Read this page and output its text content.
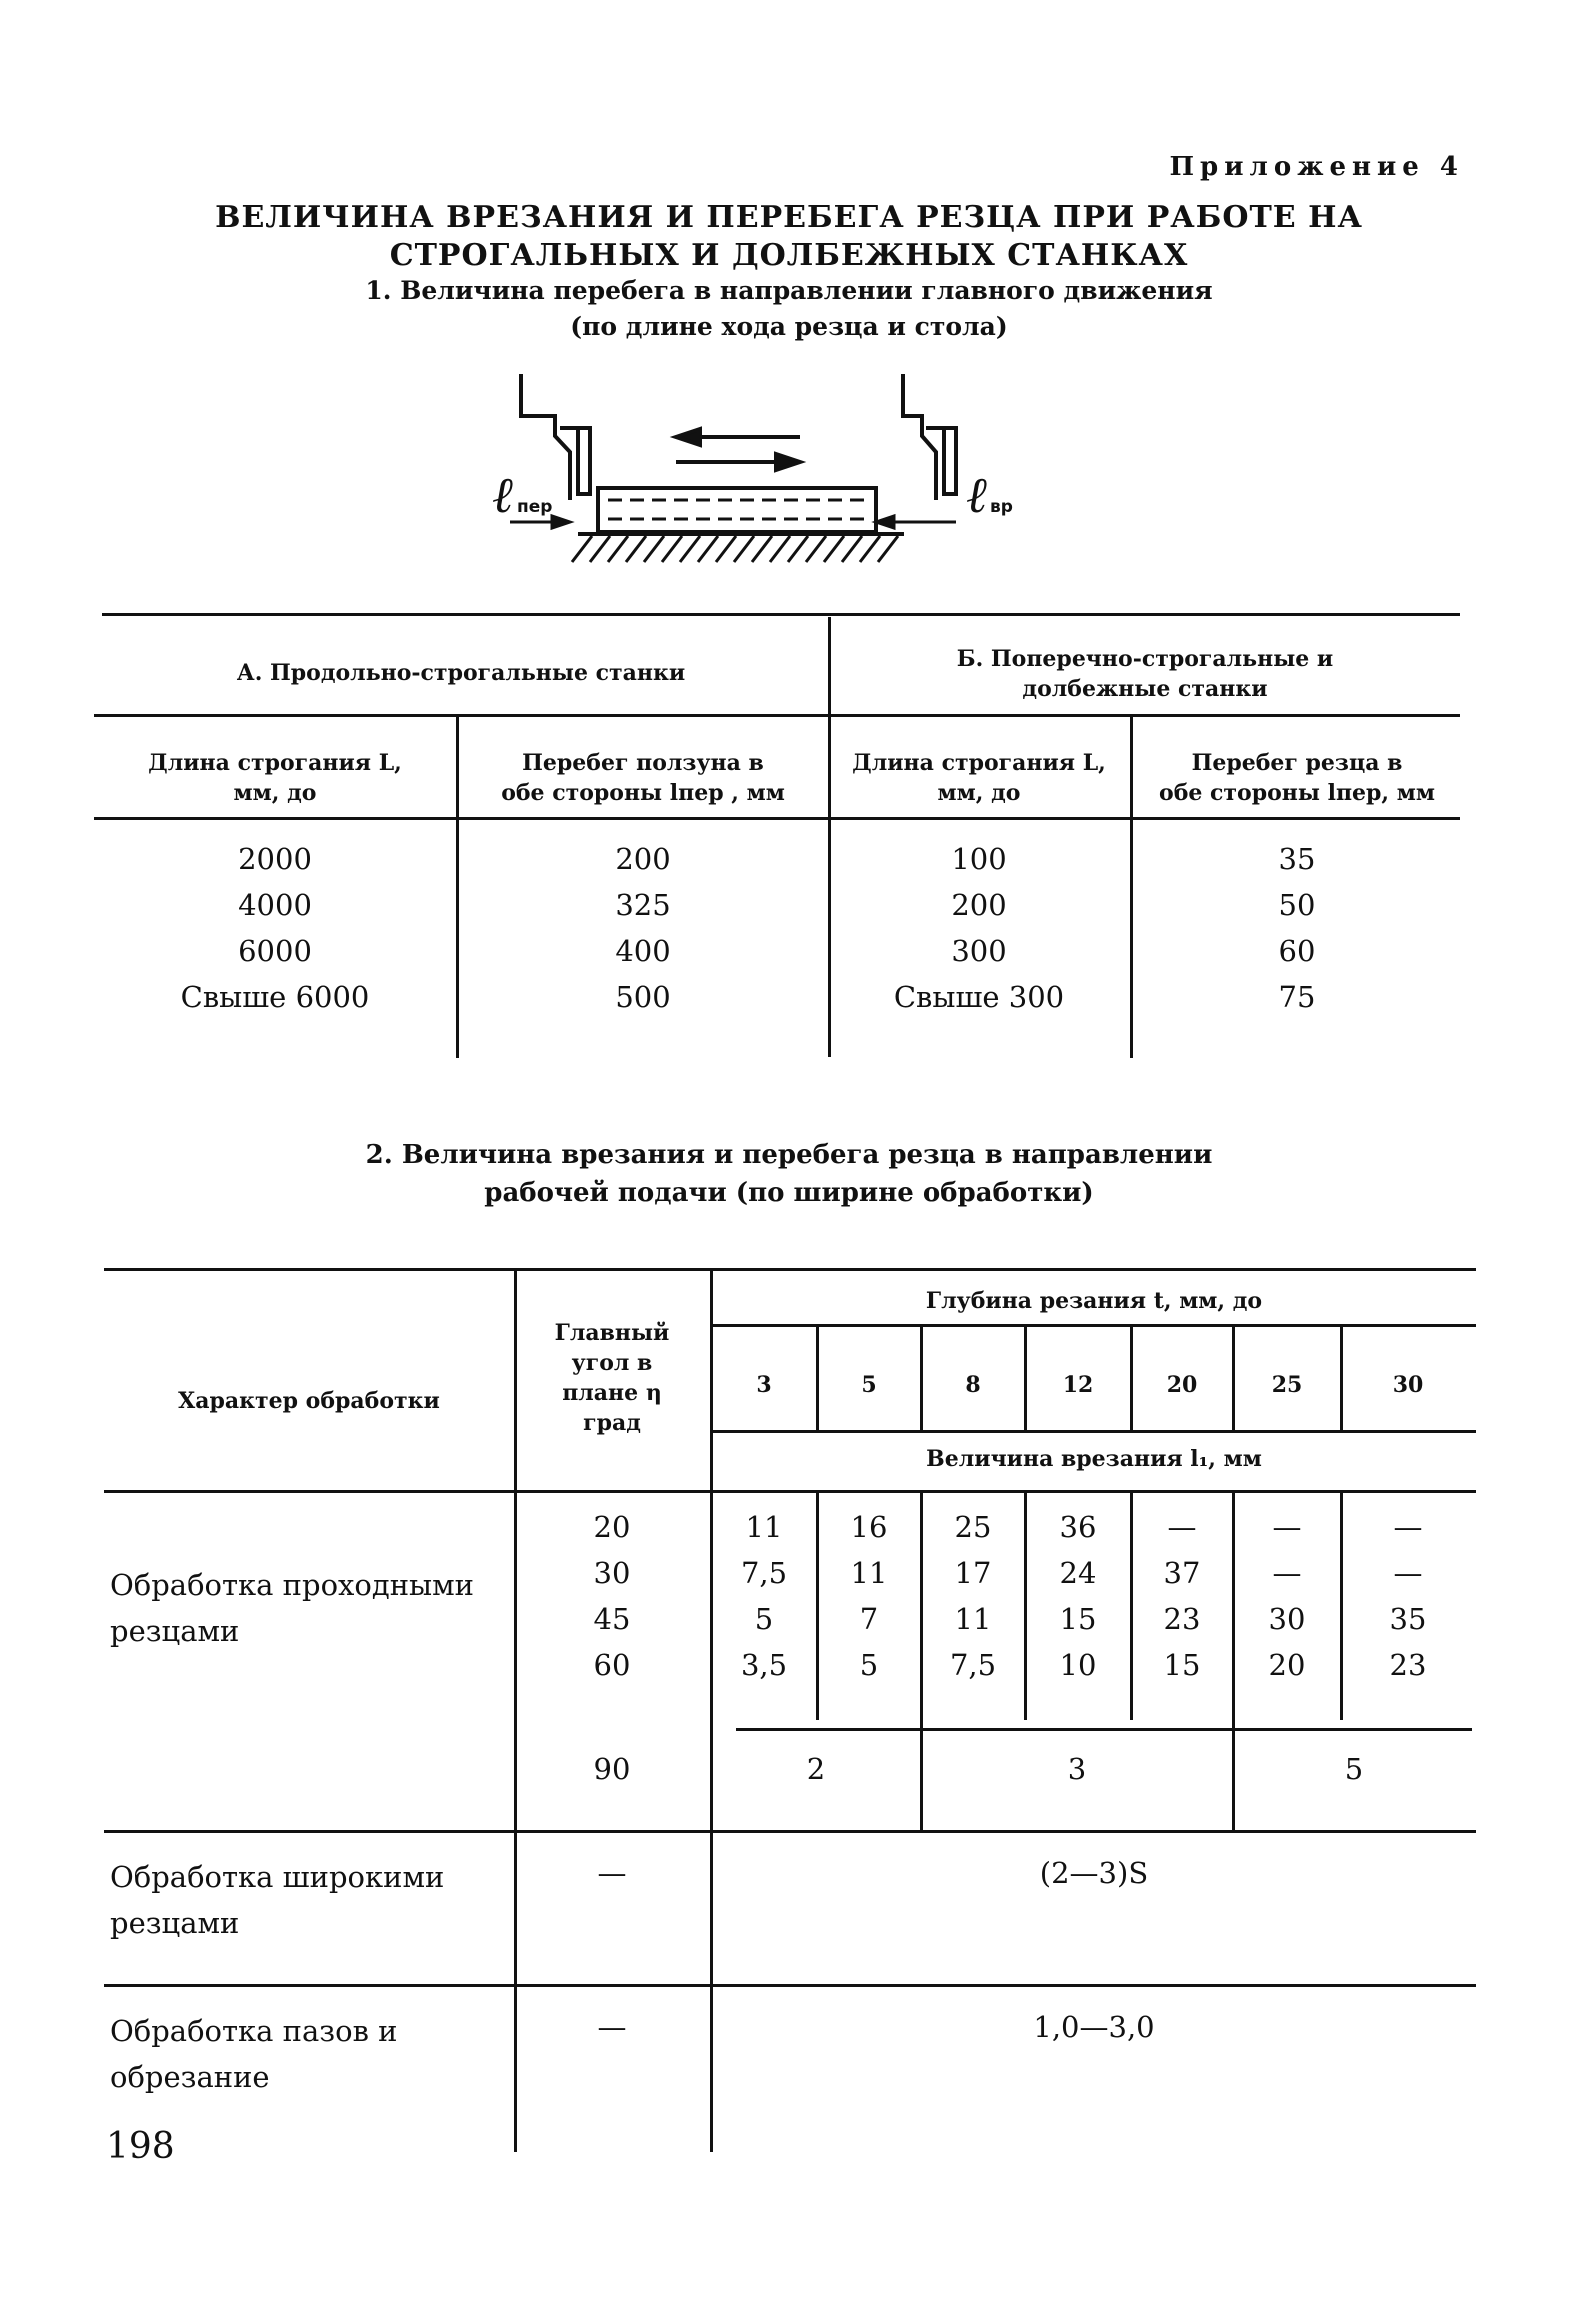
Приложение 4
ВЕЛИЧИНА ВРЕЗАНИЯ И ПЕРЕБЕГА РЕЗЦА ПРИ РАБОТЕ НА
СТРОГАЛЬНЫХ И ДОЛБЕЖНЫХ СТАНКАХ
1. Величина перебега в направлении главного движения
(по длине хода резца и стола)
ℓ пер	ℓ вр
А. Продольно-строгальные станки
Б. Поперечно-строгальные и
долбежные станки
Длина строгания L,
мм, до
Перебег ползуна в
обе стороны lпер , мм
Длина строгания L,
мм, до
Перебег резца в
обе стороны lпер, мм
2000	200	100	35
4000	325	200	50
6000	400	300	60
Свыше 6000	500	Свыше 300	75
2. Величина врезания и перебега резца в направлении
рабочей подачи (по ширине обработки)
Характер обработки
Главный
угол в
плане η
град
Глубина резания t, мм, до
3	5	8	12	20	25	30
Величина врезания l₁, мм
Обработка проходными
резцами
20	11	16	25	36	—	—	—
30	7,5	11	17	24	37	—	—
45	5	7	11	15	23	30	35
60	3,5	5	7,5	10	15	20	23
90	2	3	5
Обработка широкими
резцами
—	(2—3)S
Обработка пазов и
обрезание
—	1,0—3,0
198
